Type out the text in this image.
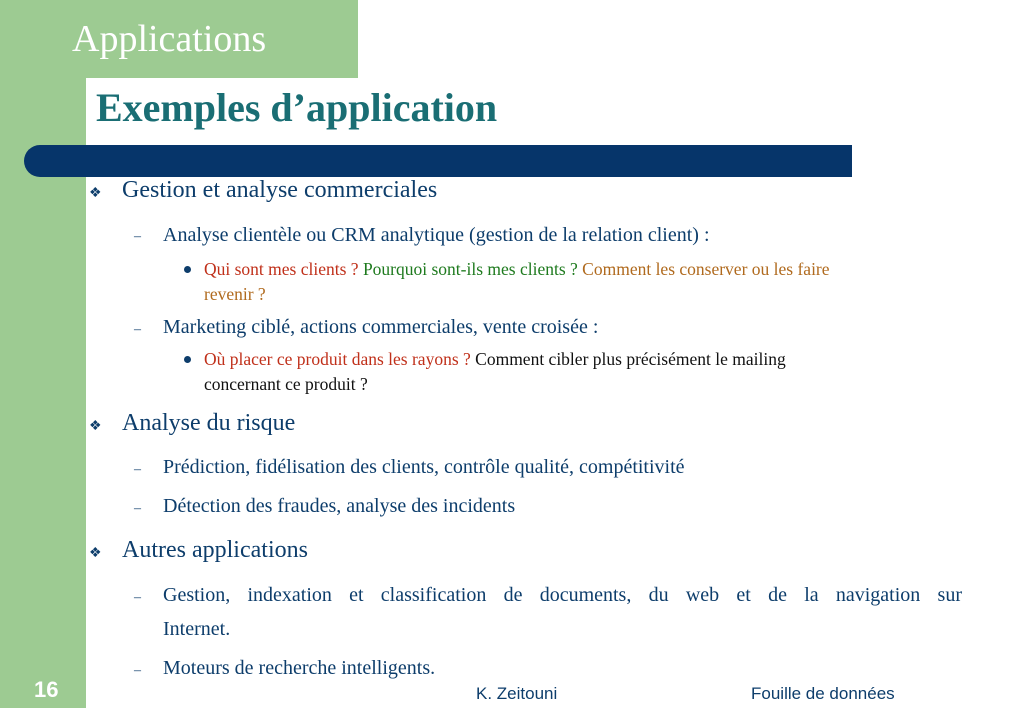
Applications
Exemples d’application
❖ Gestion et analyse commerciales
– Analyse clientèle ou CRM analytique (gestion de la relation client) :
Qui sont mes clients ? Pourquoi sont-ils mes clients ? Comment les conserver ou les faire
revenir ?
– Marketing ciblé, actions commerciales, vente croisée :
Où placer ce produit dans les rayons ? Comment cibler plus précisément le mailing
concernant ce produit ?
❖ Analyse du risque
– Prédiction, fidélisation des clients, contrôle qualité, compétitivité
– Détection des fraudes, analyse des incidents
❖ Autres applications
– Gestion, indexation et classification de documents, du web et de la navigation sur
Internet.
– Moteurs de recherche intelligents.
16	K. Zeitouni	Fouille de données
